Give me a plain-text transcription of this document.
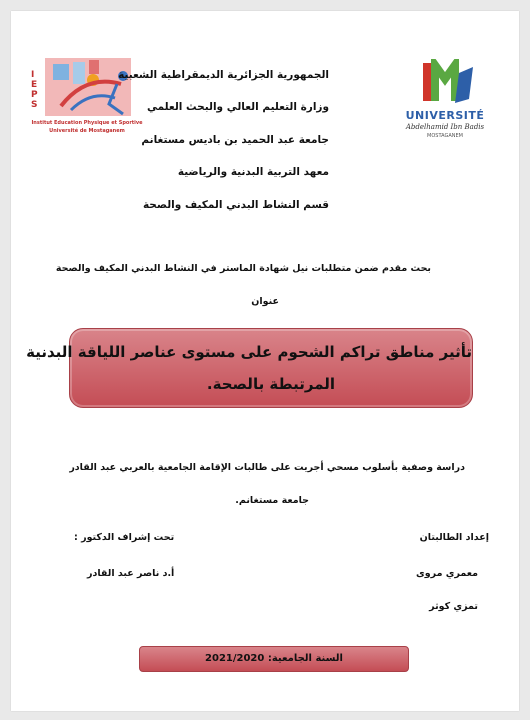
I E P S
Institut Education Physique et Sportive
Université de Mostaganem
UNIVERSITÉ
Abdelhamid Ibn Badis
MOSTAGANEM
الجمهورية الجزائرية الديمقراطية الشعبية
وزارة التعليم العالي والبحث العلمي
جامعة عبد الحميد بن باديس مستغانم
معهد التربية البدنية والرياضية
قسم النشاط البدني المكيف والصحة
بحث مقدم ضمن متطلبات نيل شهادة الماستر في النشاط البدني المكيف والصحة
عنوان
تأثير مناطق تراكم الشحوم على مستوى عناصر اللياقة البدنية
المرتبطة بالصحة.
دراسة وصفية بأسلوب مسحي أجريت على طالبات الإقامة الجامعية بالعربي عبد القادر
جامعة مستغانم.
إعداد الطالبتان
معمري مروى
تمزي كوثر
تحت إشراف الدكتور :
أ.د ناصر عبد القادر
السنة الجامعية: 2021/2020
